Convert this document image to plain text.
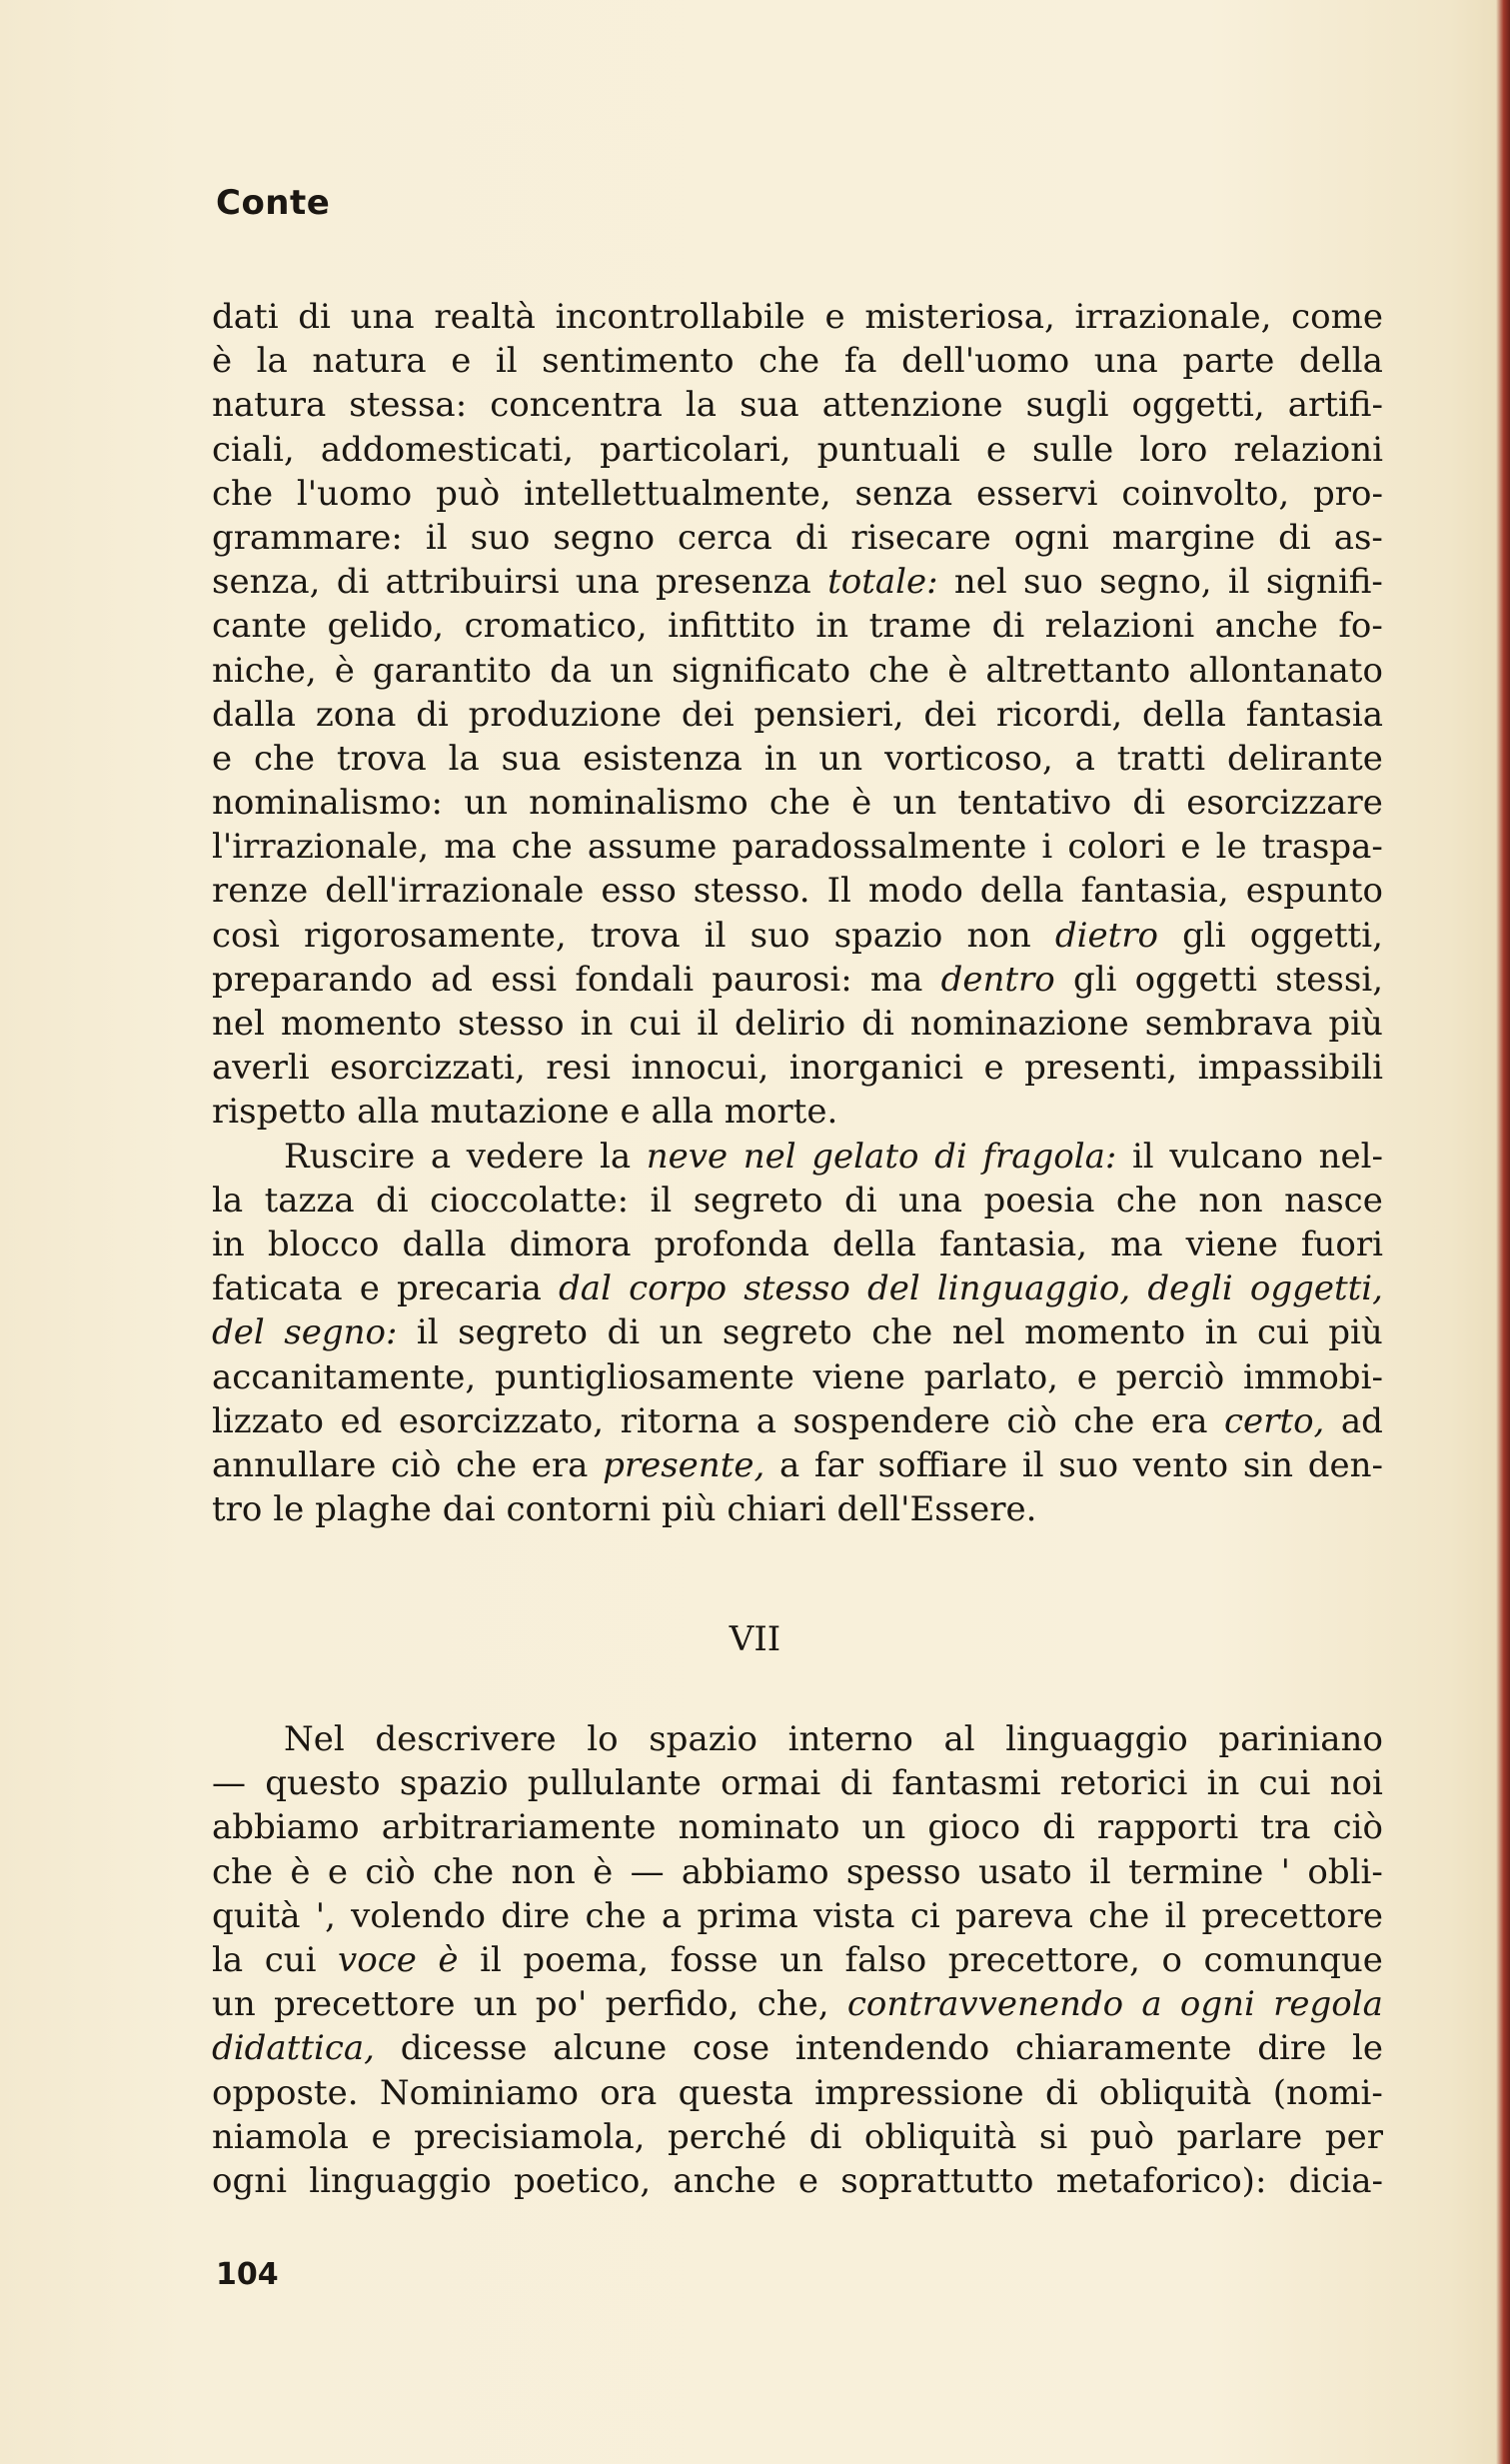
Conte
dati di una realtà incontrollabile e misteriosa, irrazionale, come
è la natura e il sentimento che fa dell'uomo una parte della
natura stessa: concentra la sua attenzione sugli oggetti, artifi-
ciali, addomesticati, particolari, puntuali e sulle loro relazioni
che l'uomo può intellettualmente, senza esservi coinvolto, pro-
grammare: il suo segno cerca di risecare ogni margine di as-
senza, di attribuirsi una presenza totale: nel suo segno, il signifi-
cante gelido, cromatico, infittito in trame di relazioni anche fo-
niche, è garantito da un significato che è altrettanto allontanato
dalla zona di produzione dei pensieri, dei ricordi, della fantasia
e che trova la sua esistenza in un vorticoso, a tratti delirante
nominalismo: un nominalismo che è un tentativo di esorcizzare
l'irrazionale, ma che assume paradossalmente i colori e le traspa-
renze dell'irrazionale esso stesso. Il modo della fantasia, espunto
così rigorosamente, trova il suo spazio non dietro gli oggetti,
preparando ad essi fondali paurosi: ma dentro gli oggetti stessi,
nel momento stesso in cui il delirio di nominazione sembrava più
averli esorcizzati, resi innocui, inorganici e presenti, impassibili
rispetto alla mutazione e alla morte.
Ruscire a vedere la neve nel gelato di fragola: il vulcano nel-
la tazza di cioccolatte: il segreto di una poesia che non nasce
in blocco dalla dimora profonda della fantasia, ma viene fuori
faticata e precaria dal corpo stesso del linguaggio, degli oggetti,
del segno: il segreto di un segreto che nel momento in cui più
accanitamente, puntigliosamente viene parlato, e perciò immobi-
lizzato ed esorcizzato, ritorna a sospendere ciò che era certo, ad
annullare ciò che era presente, a far soffiare il suo vento sin den-
tro le plaghe dai contorni più chiari dell'Essere.
VII
Nel descrivere lo spazio interno al linguaggio pariniano
— questo spazio pullulante ormai di fantasmi retorici in cui noi
abbiamo arbitrariamente nominato un gioco di rapporti tra ciò
che è e ciò che non è — abbiamo spesso usato il termine ' obli-
quità ', volendo dire che a prima vista ci pareva che il precettore
la cui voce è il poema, fosse un falso precettore, o comunque
un precettore un po' perfido, che, contravvenendo a ogni regola
didattica, dicesse alcune cose intendendo chiaramente dire le
opposte. Nominiamo ora questa impressione di obliquità (nomi-
niamola e precisiamola, perché di obliquità si può parlare per
ogni linguaggio poetico, anche e soprattutto metaforico): dicia-
104
